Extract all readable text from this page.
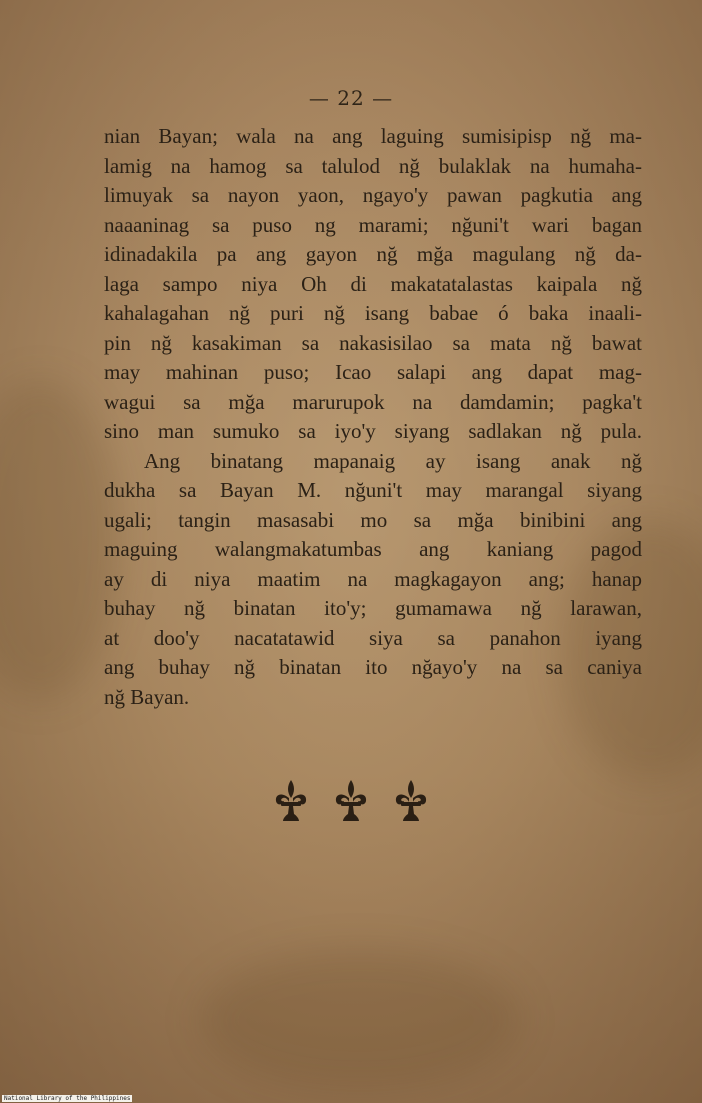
— 22 —
nian Bayan; wala na ang laguing sumisipisp nğ ma-
lamig na hamog sa talulod nğ bulaklak na humaha-
limuyak sa nayon yaon, ngayo'y pawan pagkutia ang
naaaninag sa puso ng marami; nğuni't wari bagan
idinadakila pa ang gayon nğ mğa magulang nğ da-
laga sampo niya Oh di makatatalastas kaipala nğ
kahalagahan nğ puri nğ isang babae ó baka inaali-
pin nğ kasakiman sa nakasisilao sa mata nğ bawat
may mahinan puso; Icao salapi ang dapat mag-
wagui sa mğa marurupok na damdamin; pagka't
sino man sumuko sa iyo'y siyang sadlakan nğ pula.
Ang binatang mapanaig ay isang anak nğ
dukha sa Bayan M. nğuni't may marangal siyang
ugali; tangin masasabi mo sa mğa binibini ang
maguing walangmakatumbas ang kaniang pagod
ay di niya maatim na magkagayon ang; hanap
buhay nğ binatan ito'y; gumamawa nğ larawan,
at doo'y nacatatawid siya sa panahon iyang
ang buhay nğ binatan ito nğayo'y na sa caniya
nğ Bayan.
National Library of the Philippines
